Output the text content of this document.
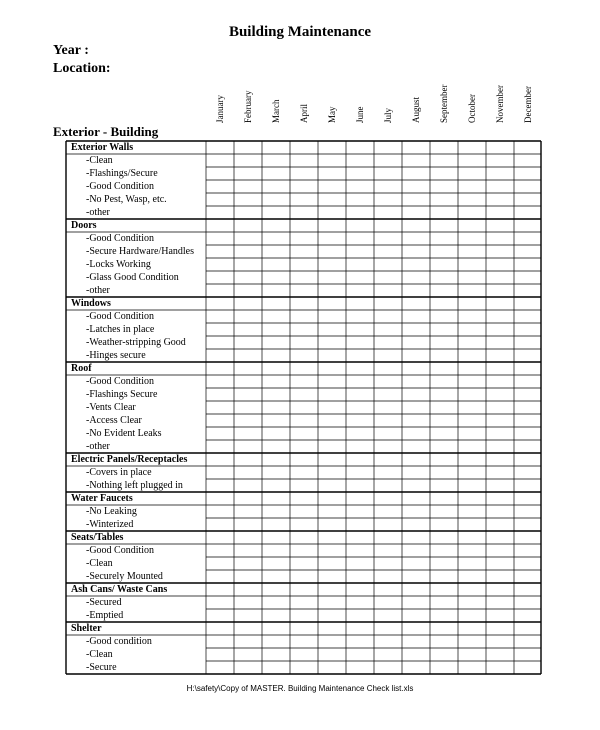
Building Maintenance
Year :
Location:
January February March April May June July August September October November December
Exterior - Building
Exterior Walls
-Clean
-Flashings/Secure
-Good Condition
-No Pest, Wasp, etc.
-other
Doors
-Good Condition
-Secure Hardware/Handles
-Locks Working
-Glass Good Condition
-other
Windows
-Good Condition
-Latches in place
-Weather-stripping Good
-Hinges secure
Roof
-Good Condition
-Flashings Secure
-Vents Clear
-Access Clear
-No Evident Leaks
-other
Electric Panels/Receptacles
-Covers in place
-Nothing left plugged in
Water Faucets
-No Leaking
-Winterized
Seats/Tables
-Good Condition
-Clean
-Securely Mounted
Ash Cans/ Waste Cans
-Secured
-Emptied
Shelter
-Good condition
-Clean
-Secure
H:\safety\Copy of MASTER. Building Maintenance Check list.xls
